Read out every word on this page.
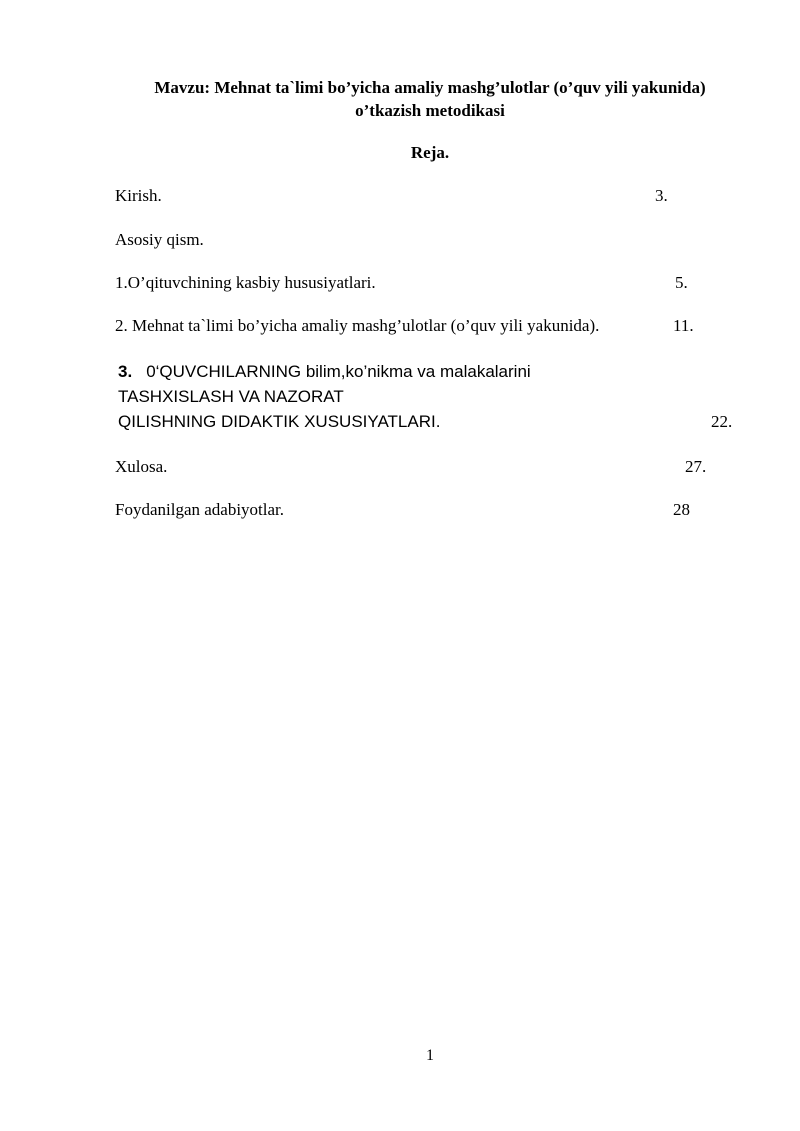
Mavzu: Mehnat ta`limi bo’yicha amaliy mashg’ulotlar (o’quv yili yakunida)
o’tkazish metodikasi
Reja.
Kirish.	3.
Asosiy qism.
1.O’qituvchining kasbiy hususiyatlari.	5.
2. Mehnat ta`limi bo’yicha amaliy mashg’ulotlar (o’quv yili yakunida).	11.
3. 0‘QUVCHILARNING bilim,ko’nikma va malakalarini
TASHXISLASH VA NAZORAT
QILISHNING DIDAKTIK XUSUSIYATLARI.	22.
Xulosa.	27.
Foydanilgan adabiyotlar.	28
1
